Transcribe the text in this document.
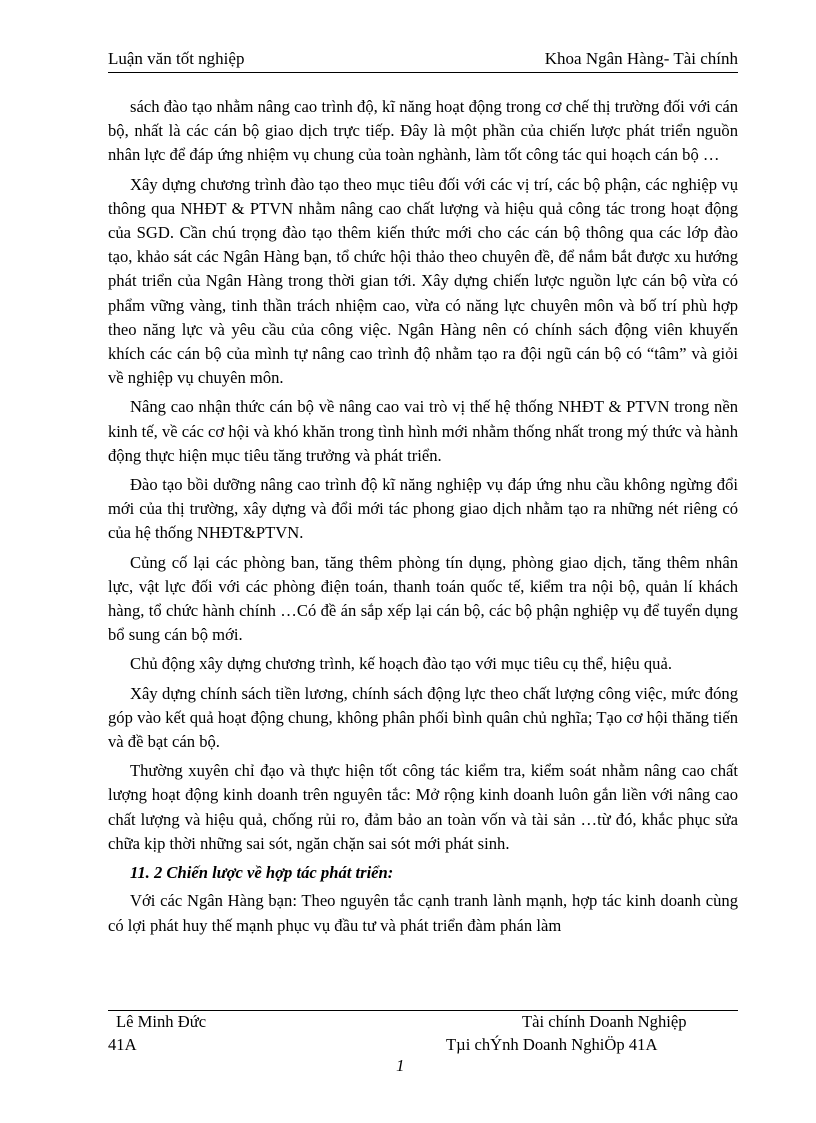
Luận văn tốt nghiệp	Khoa Ngân Hàng- Tài chính

sách đào tạo nhằm nâng cao trình độ, kĩ năng hoạt động trong cơ chế thị trường đối với cán bộ, nhất là các cán bộ giao dịch trực tiếp. Đây là một phần của chiến lược phát triển nguồn nhân lực để đáp ứng nhiệm vụ chung của toàn nghành, làm tốt công tác qui hoạch cán bộ …

Xây dựng chương trình đào tạo theo mục tiêu đối với các vị trí, các bộ phận, các nghiệp vụ thông qua NHĐT & PTVN nhằm nâng cao chất lượng và hiệu quả công tác trong hoạt động của SGD. Cần chú trọng đào tạo thêm kiến thức mới cho các cán bộ thông qua các lớp đào tạo, khảo sát các Ngân Hàng bạn, tổ chức hội thảo theo chuyên đề, để nắm bắt được xu hướng phát triển của Ngân Hàng trong thời gian tới. Xây dựng chiến lược nguồn lực cán bộ vừa có phẩm vững vàng, tinh thần trách nhiệm cao, vừa có năng lực chuyên môn và bố trí phù hợp theo năng lực và yêu cầu của công việc. Ngân Hàng nên có chính sách động viên khuyến khích các cán bộ của mình tự nâng cao trình độ nhằm tạo ra đội ngũ cán bộ có “tâm” và giỏi về nghiệp vụ chuyên môn.

Nâng cao nhận thức cán bộ về nâng cao vai trò vị thế hệ thống NHĐT & PTVN trong nền kinh tế, về các cơ hội và khó khăn trong tình hình mới nhằm thống nhất trong mý thức và hành động thực hiện mục tiêu tăng trưởng và phát triển.

Đào tạo bồi dưỡng nâng cao trình độ kĩ năng nghiệp vụ đáp ứng nhu cầu không ngừng đổi mới của thị trường, xây dựng và đổi mới tác phong giao dịch nhằm tạo ra những nét riêng có của hệ thống NHĐT&PTVN.

Củng cố lại các phòng ban, tăng thêm phòng tín dụng, phòng giao dịch, tăng thêm nhân lực, vật lực đối với các phòng điện toán, thanh toán quốc tế, kiểm tra nội bộ, quản lí khách hàng, tổ chức hành chính …Có đề án sắp xếp lại cán bộ, các bộ phận nghiệp vụ để tuyển dụng bổ sung cán bộ mới.

Chủ động xây dựng chương trình, kế hoạch đào tạo với mục tiêu cụ thể, hiệu quả.

Xây dựng chính sách tiền lương, chính sách động lực theo chất lượng công việc, mức đóng góp vào kết quả hoạt động chung, không phân phối bình quân chủ nghĩa; Tạo cơ hội thăng tiến và đề bạt cán bộ.

Thường xuyên chỉ đạo và thực hiện tốt công tác kiểm tra, kiểm soát nhằm nâng cao chất lượng hoạt động kinh doanh trên nguyên tắc: Mở rộng kinh doanh luôn gắn liền với nâng cao chất lượng và hiệu quả, chống rủi ro, đảm bảo an toàn vốn và tài sản …từ đó, khắc phục sửa chữa kịp thời những sai sót, ngăn chặn sai sót mới phát sinh.

11. 2 Chiến lược về hợp tác phát triển:

Với các Ngân Hàng bạn: Theo nguyên tắc cạnh tranh lành mạnh, hợp tác kinh doanh cùng có lợi phát huy thế mạnh phục vụ đầu tư và phát triển đàm phán làm

Lê Minh Đức
41A
Tài chính Doanh Nghiệp
Tµi chÝnh Doanh NghiÖp 41A
1
